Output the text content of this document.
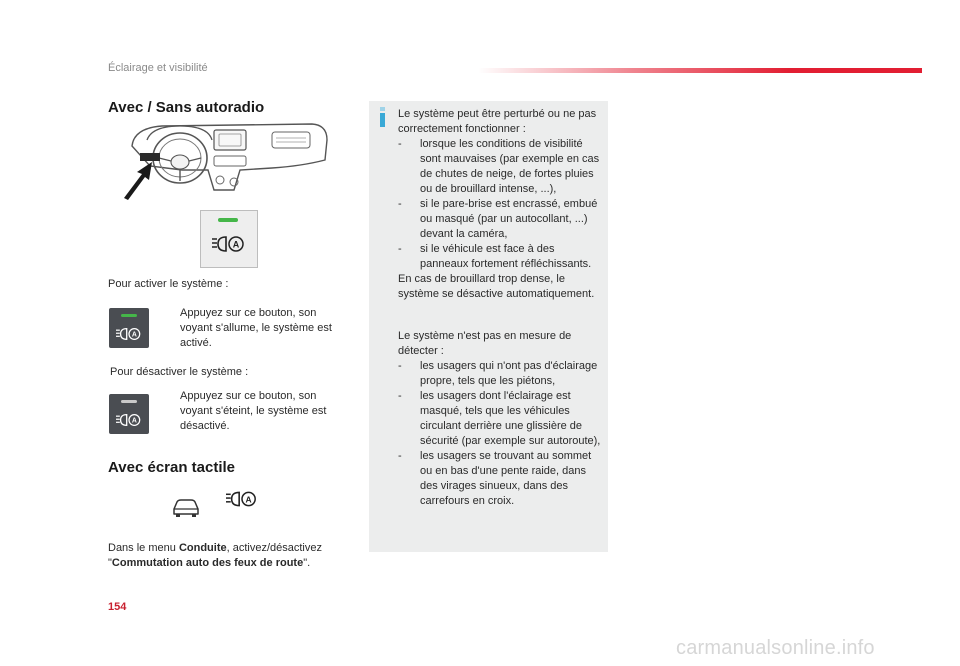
Éclairage et visibilité
Avec / Sans autoradio
A
Pour activer le système :
A
Appuyez sur ce bouton, son voyant s'allume, le système est activé.
Pour désactiver le système :
A
Appuyez sur ce bouton, son voyant s'éteint, le système est désactivé.
Avec écran tactile
A
Dans le menu Conduite, activez/désactivez
"Commutation auto des feux de route".
Le système peut être perturbé ou ne pas correctement fonctionner :
- lorsque les conditions de visibilité sont mauvaises (par exemple en cas de chutes de neige, de fortes pluies ou de brouillard intense, ...),
- si le pare-brise est encrassé, embué ou masqué (par un autocollant, ...) devant la caméra,
- si le véhicule est face à des panneaux fortement réfléchissants.
En cas de brouillard trop dense, le système se désactive automatiquement.
Le système n'est pas en mesure de détecter :
- les usagers qui n'ont pas d'éclairage propre, tels que les piétons,
- les usagers dont l'éclairage est masqué, tels que les véhicules circulant derrière une glissière de sécurité (par exemple sur autoroute),
- les usagers se trouvant au sommet ou en bas d'une pente raide, dans des virages sinueux, dans des carrefours en croix.
154
carmanualsonline.info
